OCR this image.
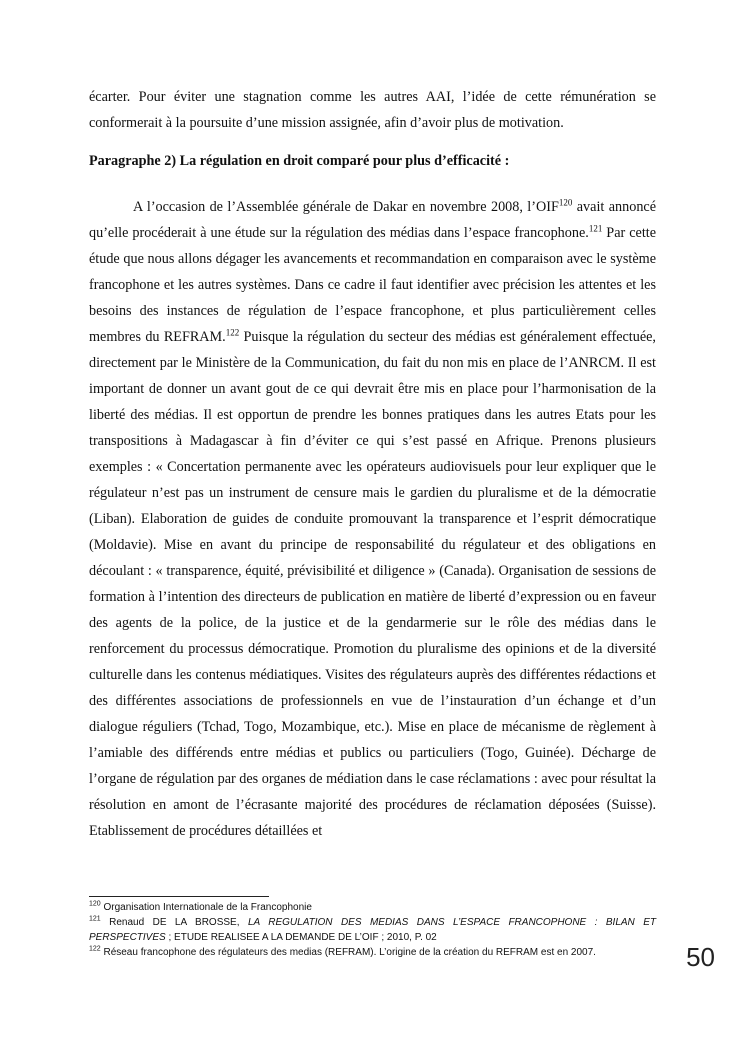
écarter. Pour éviter une stagnation comme les autres AAI, l’idée de cette rémunération se conformerait à la poursuite d’une mission assignée, afin d’avoir plus de motivation.

Paragraphe 2) La régulation en droit comparé pour plus d’efficacité :

A l’occasion de l’Assemblée générale de Dakar en novembre 2008, l’OIF$^{120}$ avait annoncé qu’elle procéderait à une étude sur la régulation des médias dans l’espace francophone.$^{121}$ Par cette étude que nous allons dégager les avancements et recommandation en comparaison avec le système francophone et les autres systèmes. Dans ce cadre il faut identifier avec précision les attentes et les besoins des instances de régulation de l’espace francophone, et plus particulièrement celles membres du REFRAM.$^{122}$ Puisque la régulation du secteur des médias est généralement effectuée, directement par le Ministère de la Communication, du fait du non mis en place de l’ANRCM. Il est important de donner un avant gout de ce qui devrait être mis en place pour l’harmonisation de la liberté des médias. Il est opportun de prendre les bonnes pratiques dans les autres Etats pour les transpositions à Madagascar à fin d’éviter ce qui s’est passé en Afrique. Prenons plusieurs exemples : « Concertation permanente avec les opérateurs audiovisuels pour leur expliquer que le régulateur n’est pas un instrument de censure mais le gardien du pluralisme et de la démocratie (Liban). Elaboration de guides de conduite promouvant la transparence et l’esprit démocratique (Moldavie). Mise en avant du principe de responsabilité du régulateur et des obligations en découlant : « transparence, équité, prévisibilité et diligence » (Canada). Organisation de sessions de formation à l’intention des directeurs de publication en matière de liberté d’expression ou en faveur des agents de la police, de la justice et de la gendarmerie sur le rôle des médias dans le renforcement du processus démocratique. Promotion du pluralisme des opinions et de la diversité culturelle dans les contenus médiatiques. Visites des régulateurs auprès des différentes rédactions et des différentes associations de professionnels en vue de l’instauration d’un échange et d’un dialogue réguliers (Tchad, Togo, Mozambique, etc.). Mise en place de mécanisme de règlement à l’amiable des différends entre médias et publics ou particuliers (Togo, Guinée). Décharge de l’organe de régulation par des organes de médiation dans le case réclamations : avec pour résultat la résolution en amont de l’écrasante majorité des procédures de réclamation déposées (Suisse). Etablissement de procédures détaillées et

$^{120}$ Organisation Internationale de la Francophonie

$^{121}$ Renaud DE LA BROSSE, LA REGULATION DES MEDIAS DANS L’ESPACE FRANCOPHONE : BILAN ET PERSPECTIVES ; ETUDE REALISEE A LA DEMANDE DE L’OIF ; 2010, P. 02

$^{122}$ Réseau francophone des régulateurs des medias (REFRAM). L’origine de la création du REFRAM est en 2007.	50
